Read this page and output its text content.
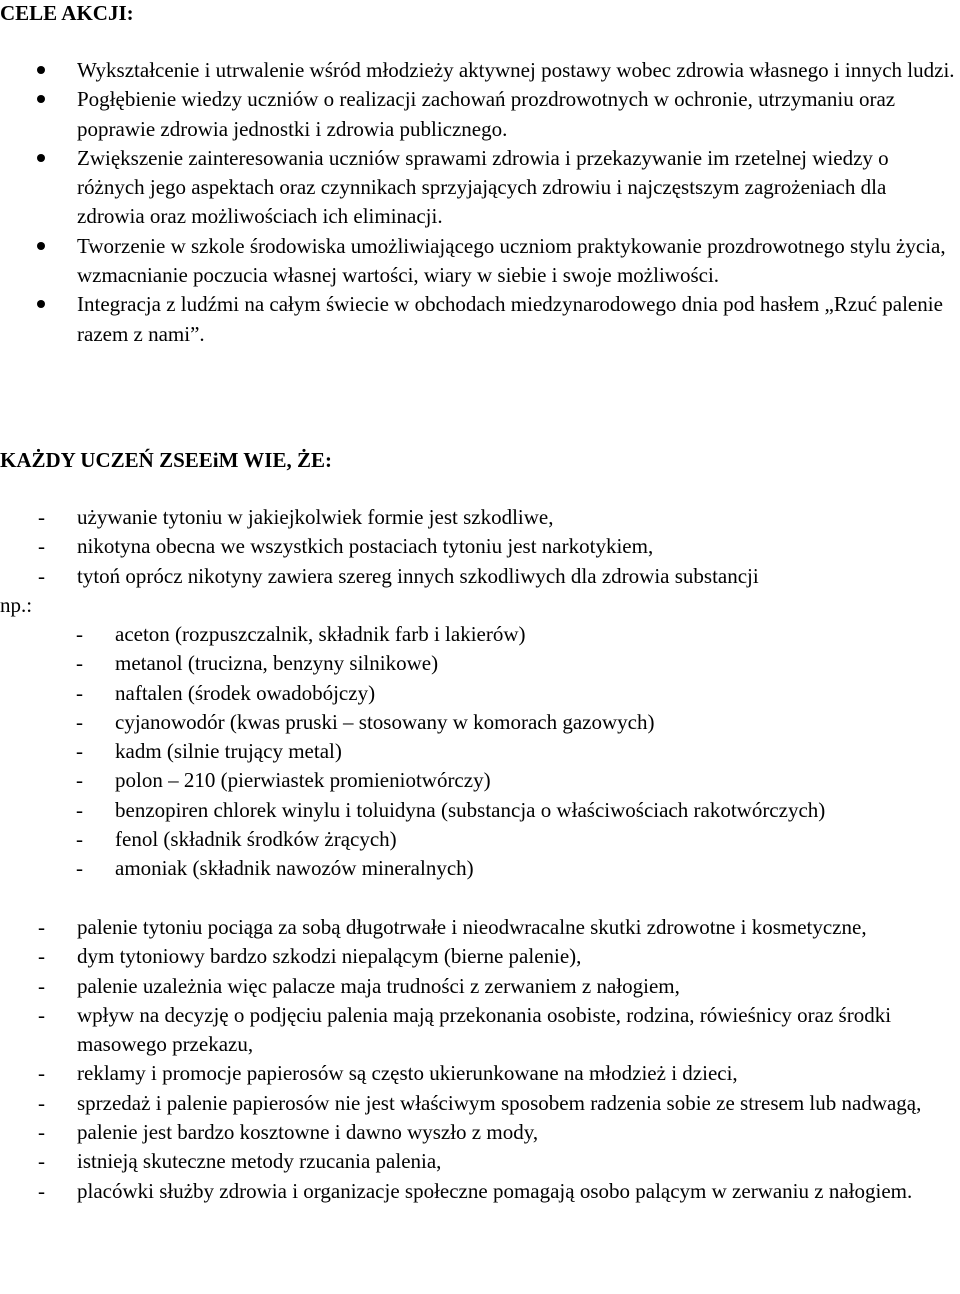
CELE AKCJI:
Wykształcenie i utrwalenie wśród młodzieży aktywnej postawy wobec zdrowia własnego i innych ludzi.
Pogłębienie wiedzy uczniów o realizacji zachowań prozdrowotnych w ochronie, utrzymaniu oraz poprawie zdrowia jednostki i zdrowia publicznego.
Zwiększenie zainteresowania uczniów sprawami zdrowia i przekazywanie im rzetelnej wiedzy o różnych jego aspektach oraz czynnikach sprzyjających zdrowiu i najczęstszym zagrożeniach dla zdrowia oraz możliwościach ich eliminacji.
Tworzenie w szkole środowiska umożliwiającego uczniom praktykowanie prozdrowotnego stylu życia, wzmacnianie poczucia własnej wartości, wiary w siebie i swoje możliwości.
Integracja z ludźmi na całym świecie w obchodach miedzynarodowego dnia pod hasłem „Rzuć palenie razem z nami”.
KAŻDY UCZEŃ ZSEEiM WIE, ŻE:
- używanie tytoniu w jakiejkolwiek formie jest szkodliwe,
- nikotyna obecna we wszystkich postaciach tytoniu jest narkotykiem,
- tytoń oprócz nikotyny zawiera szereg innych szkodliwych dla zdrowia substancji
np.:
- aceton (rozpuszczalnik, składnik farb i lakierów)
- metanol (trucizna, benzyny silnikowe)
- naftalen (środek owadobójczy)
- cyjanowodór (kwas pruski – stosowany w komorach gazowych)
- kadm (silnie trujący metal)
- polon – 210 (pierwiastek promieniotwórczy)
- benzopiren chlorek winylu i toluidyna (substancja o właściwościach rakotwórczych)
- fenol (składnik środków żrących)
- amoniak (składnik nawozów mineralnych)
- palenie tytoniu pociąga za sobą długotrwałe i nieodwracalne skutki zdrowotne i kosmetyczne,
- dym tytoniowy bardzo szkodzi niepalącym (bierne palenie),
- palenie uzależnia więc palacze maja trudności z zerwaniem z nałogiem,
- wpływ na decyzję o podjęciu palenia mają przekonania osobiste, rodzina, rówieśnicy oraz środki masowego przekazu,
- reklamy i promocje papierosów są często ukierunkowane na młodzież i dzieci,
- sprzedaż i palenie papierosów nie jest właściwym sposobem radzenia sobie ze stresem lub nadwagą,
- palenie jest bardzo kosztowne i dawno wyszło z mody,
- istnieją skuteczne metody rzucania palenia,
- placówki służby zdrowia i organizacje społeczne pomagają osobo palącym w zerwaniu z nałogiem.
